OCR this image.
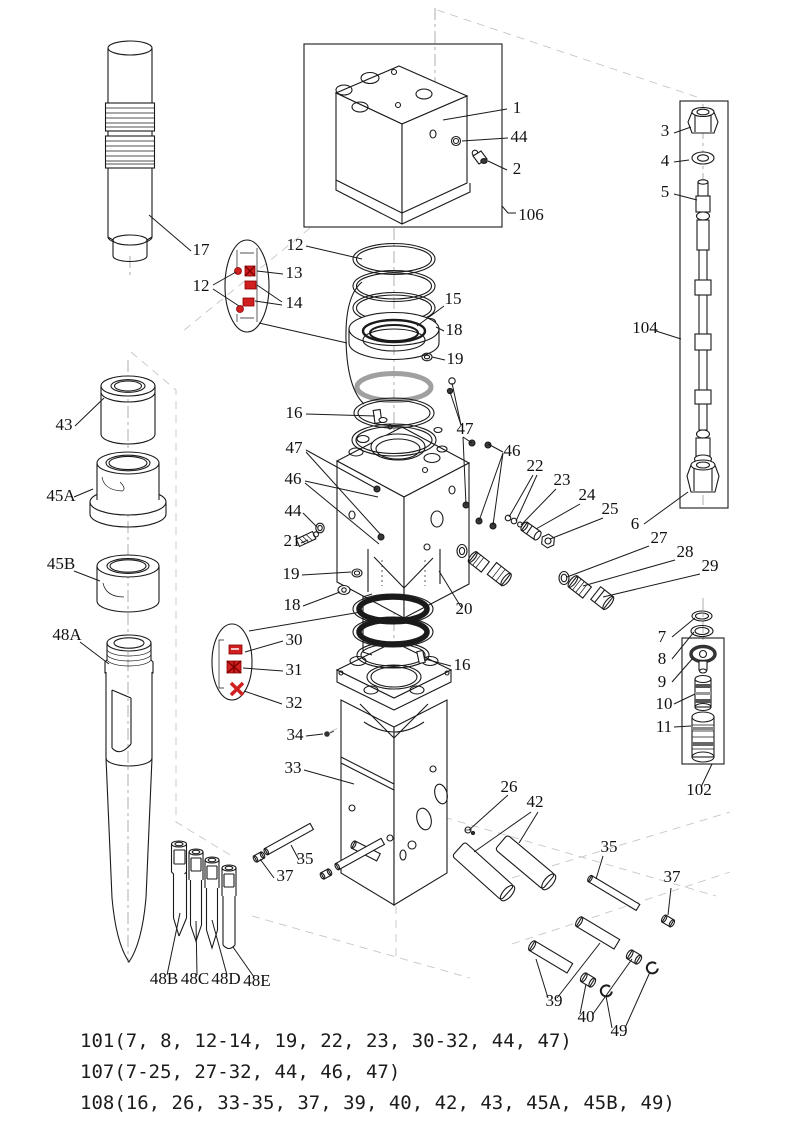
1
44
2
106
17	12
12
13
14	15
18
19
16
47
46
44
21
19
18	20
47
46
22
23
24
25
6
27
28
29
3
4
5
104
7
8
9
10
11
102
43
45A
45B
48A	30
31
32
34
33
16
26
42
35
37
35
37
39
40
49
48B 48C 48D 48E
101(7, 8, 12-14, 19, 22, 23, 30-32, 44, 47)
107(7-25, 27-32, 44, 46, 47)
108(16, 26, 33-35, 37, 39, 40, 42, 43, 45A, 45B, 49)
